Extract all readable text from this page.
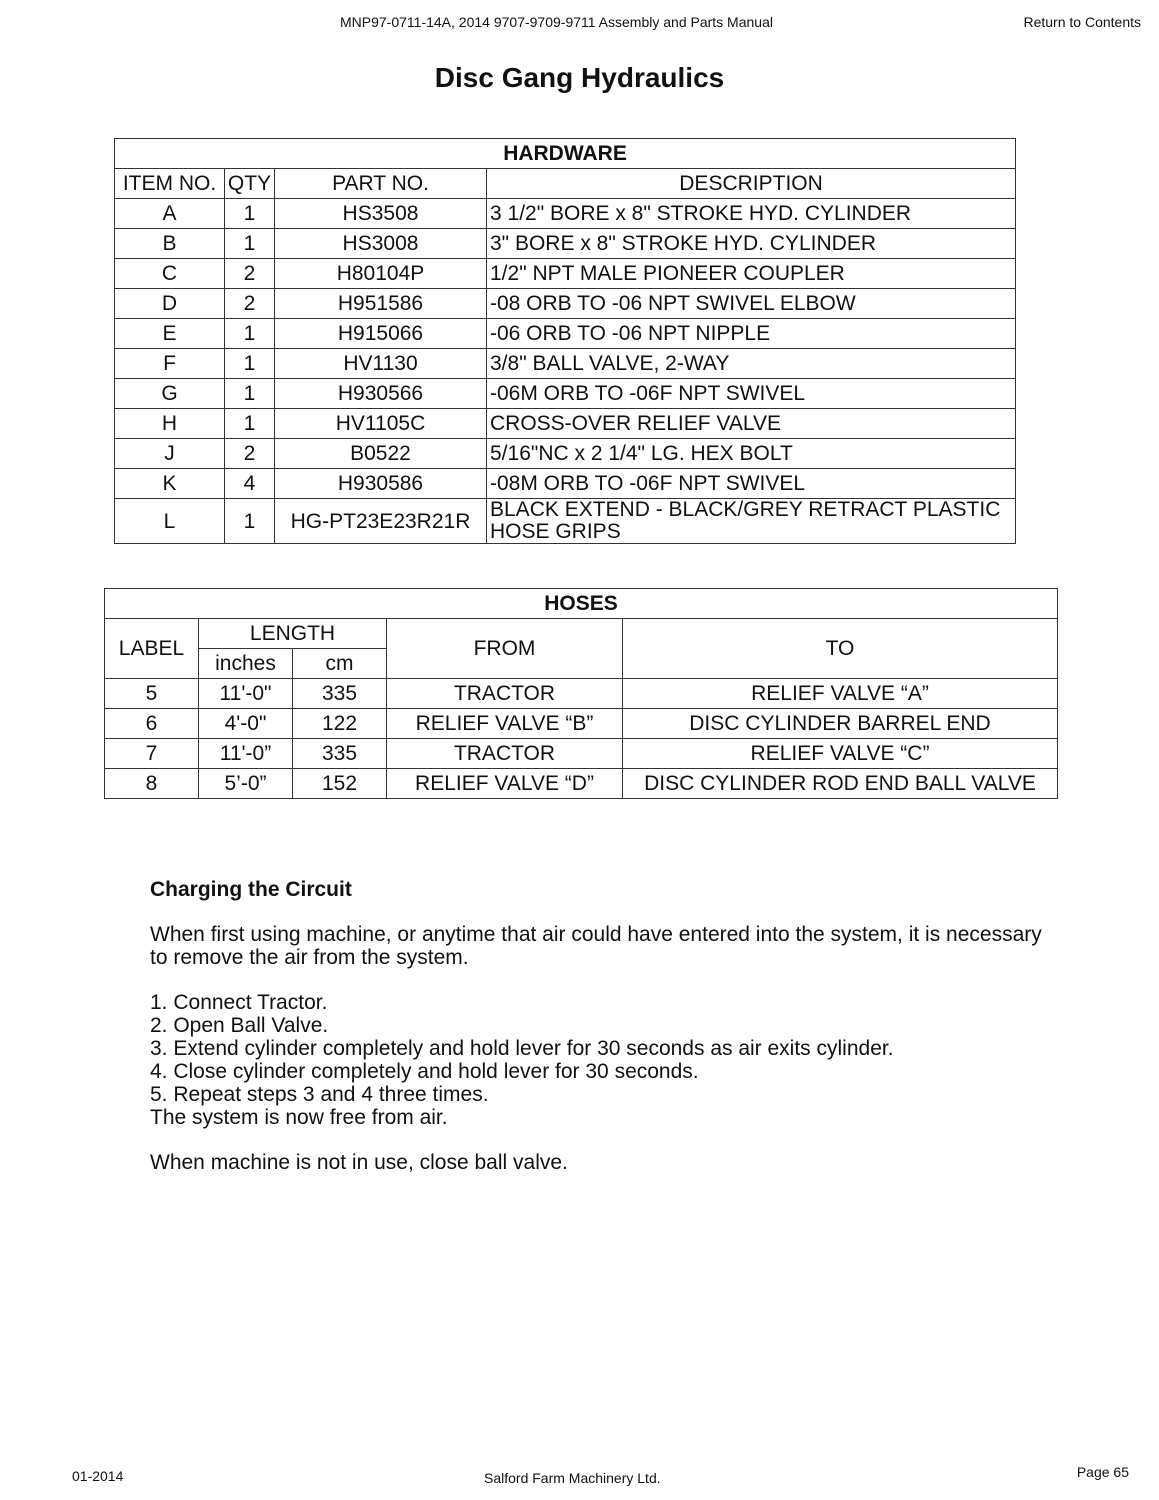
MNP97-0711-14A, 2014 9707-9709-9711 Assembly and Parts Manual	Return to Contents
Disc Gang Hydraulics
HARDWARE			
ITEM NO.	QTY	PART NO.	DESCRIPTION
A	1	HS3508	3 1/2" BORE x 8" STROKE HYD. CYLINDER
B	1	HS3008	3" BORE x 8" STROKE HYD. CYLINDER
C	2	H80104P	1/2" NPT MALE PIONEER COUPLER
D	2	H951586	-08 ORB TO -06 NPT SWIVEL ELBOW
E	1	H915066	-06 ORB TO -06 NPT NIPPLE
F	1	HV1130	3/8" BALL VALVE, 2-WAY
G	1	H930566	-06M ORB TO -06F NPT SWIVEL
H	1	HV1105C	CROSS-OVER RELIEF VALVE
J	2	B0522	5/16"NC x 2 1/4" LG. HEX BOLT
K	4	H930586	-08M ORB TO -06F NPT SWIVEL
L	1	HG-PT23E23R21R	BLACK EXTEND - BLACK/GREY RETRACT PLASTIC HOSE GRIPS
HOSES				
LABEL	LENGTH		FROM	TO
	inches	cm		
5	11'-0"	335	TRACTOR	RELIEF VALVE “A”
6	4'-0"	122	RELIEF VALVE “B”	DISC CYLINDER BARREL END
7	11'-0”	335	TRACTOR	RELIEF VALVE “C”
8	5’-0”	152	RELIEF VALVE “D”	DISC CYLINDER ROD END BALL VALVE
Charging the Circuit

When first using machine, or anytime that air could have entered into the system, it is necessary to remove the air from the system.

1. Connect Tractor.
2. Open Ball Valve.
3. Extend cylinder completely and hold lever for 30 seconds as air exits cylinder.
4. Close cylinder completely and hold lever for 30 seconds.
5. Repeat steps 3 and 4 three times.
The system is now free from air.

When machine is not in use, close ball valve.

01-2014	Salford Farm Machinery Ltd.	Page 65
